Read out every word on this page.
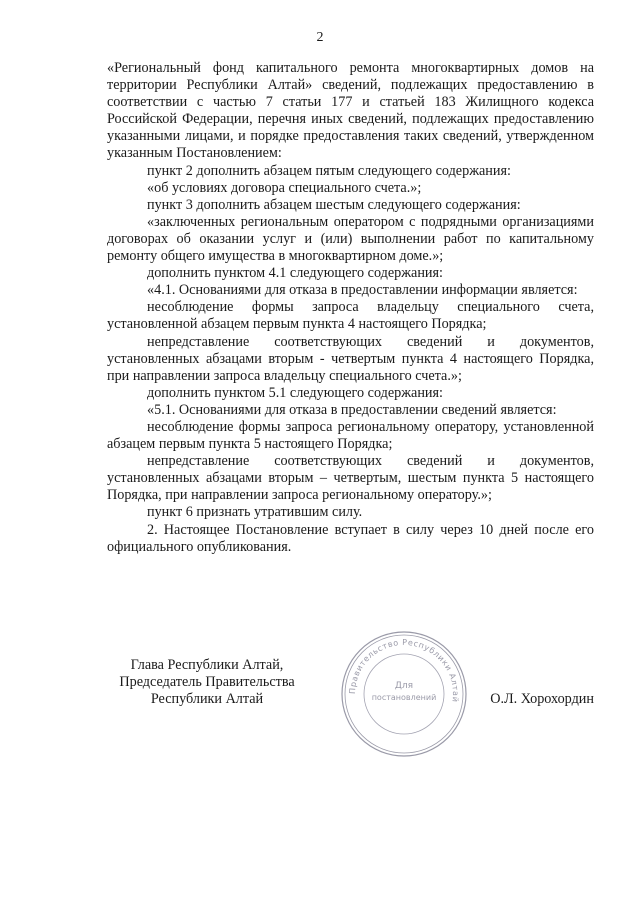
2

«Региональный фонд капитального ремонта многоквартирных домов на территории Республики Алтай» сведений, подлежащих предоставлению в соответствии с частью 7 статьи 177 и статьей 183 Жилищного кодекса Российской Федерации, перечня иных сведений, подлежащих предоставлению указанными лицами, и порядке предоставления таких сведений, утвержденном указанным Постановлением:

пункт 2 дополнить абзацем пятым следующего содержания:

«об условиях договора специального счета.»;

пункт 3 дополнить абзацем шестым следующего содержания:

«заключенных региональным оператором с подрядными организациями договорах об оказании услуг и (или) выполнении работ по капитальному ремонту общего имущества в многоквартирном доме.»;

дополнить пунктом 4.1 следующего содержания:

«4.1. Основаниями для отказа в предоставлении информации является:

несоблюдение формы запроса владельцу специального счета, установленной абзацем первым пункта 4 настоящего Порядка;

непредставление соответствующих сведений и документов, установленных абзацами вторым - четвертым пункта 4 настоящего Порядка, при направлении запроса владельцу специального счета.»;

дополнить пунктом 5.1 следующего содержания:

«5.1. Основаниями для отказа в предоставлении сведений является:

несоблюдение формы запроса региональному оператору, установленной абзацем первым пункта 5 настоящего Порядка;

непредставление соответствующих сведений и документов, установленных абзацами вторым – четвертым, шестым пункта 5 настоящего Порядка, при направлении запроса региональному оператору.»;

пункт 6 признать утратившим силу.

2. Настоящее Постановление вступает в силу через 10 дней после его официального опубликования.

Глава Республики Алтай,
Председатель Правительства
Республики Алтай	О.Л. Хорохордин
Правительство Республики Алтай
Для
постановлений
